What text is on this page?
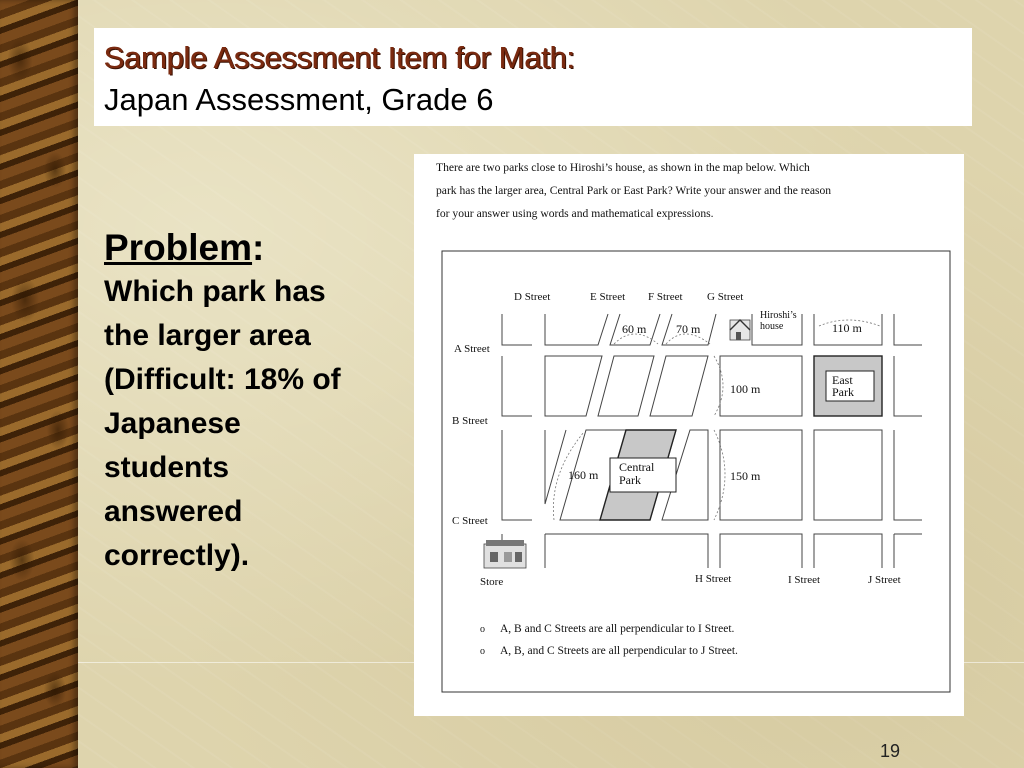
Sample Assessment Item for Math:
Japan Assessment, Grade 6
Problem:
Which park has
the larger area
(Difficult: 18% of
Japanese
students
answered
correctly).

There are two parks close to Hiroshi’s house, as shown in the map below. Which

park has the larger area, Central Park or East Park? Write your answer and the reason

for your answer using words and mathematical expressions.

D Street	E Street F Street G Street
A Street
B Street
C Street
H Street	I Street	J Street
Central
Park
East
Park
60 m 70 m	110 m
100 m
160 m	150 m
Hiroshi’s
house
Store
o A, B and C Streets are all perpendicular to I Street.
o A, B, and C Streets are all perpendicular to J Street.
19
